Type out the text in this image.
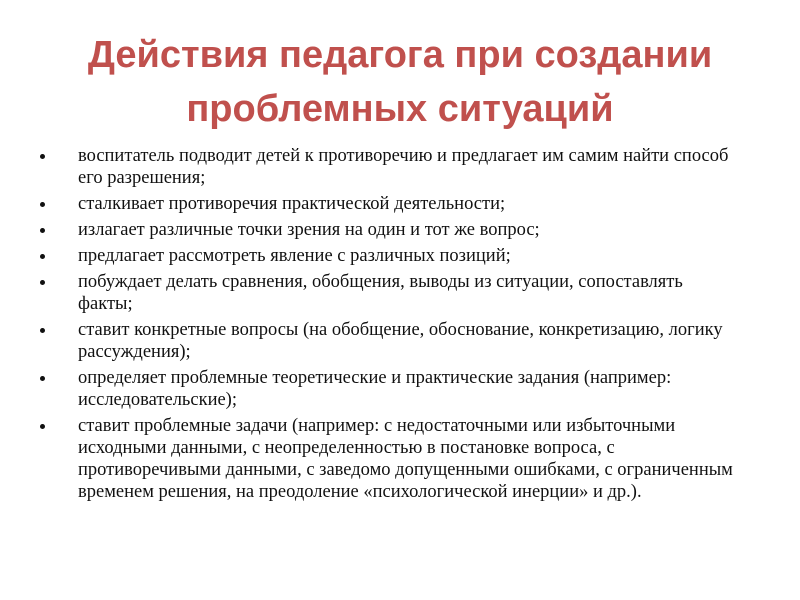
Действия педагога при создании
проблемных ситуаций
воспитатель подводит детей к противоречию и предлагает им самим найти способ его разрешения;
сталкивает противоречия практической деятельности;
излагает различные точки зрения на один и тот же вопрос;
предлагает рассмотреть явление с различных позиций;
побуждает делать сравнения, обобщения, выводы из ситуации, сопоставлять факты;
ставит конкретные вопросы (на обобщение, обоснование, конкретизацию, логику рассуждения);
определяет проблемные теоретические и практические задания (например: исследовательские);
ставит проблемные задачи (например: с недостаточными или избыточными исходными данными, с неопределенностью в постановке вопроса, с противоречивыми данными, с заведомо допущенными ошибками, с ограниченным временем решения, на преодоление «психологической инерции» и др.).
